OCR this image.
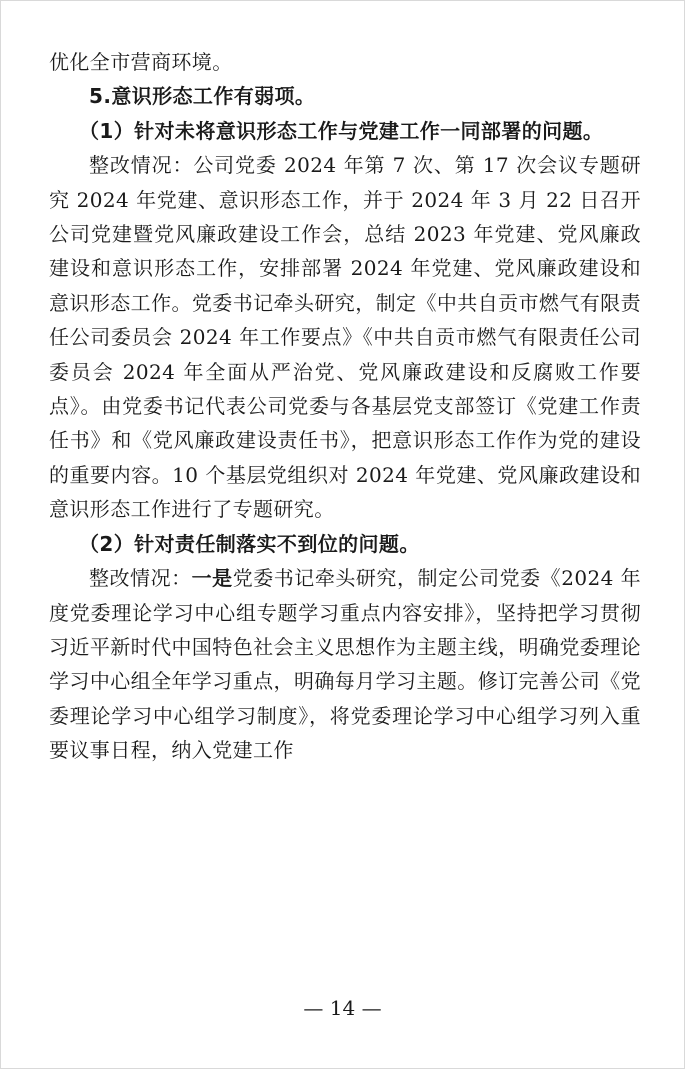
优化全市营商环境。

5.意识形态工作有弱项。

（1）针对未将意识形态工作与党建工作一同部署的问题。

整改情况：公司党委 2024 年第 7 次、第 17 次会议专题研究 2024 年党建、意识形态工作，并于 2024 年 3 月 22 日召开公司党建暨党风廉政建设工作会，总结 2023 年党建、党风廉政建设和意识形态工作，安排部署 2024 年党建、党风廉政建设和意识形态工作。党委书记牵头研究，制定《中共自贡市燃气有限责任公司委员会 2024 年工作要点》《中共自贡市燃气有限责任公司委员会 2024 年全面从严治党、党风廉政建设和反腐败工作要点》。由党委书记代表公司党委与各基层党支部签订《党建工作责任书》和《党风廉政建设责任书》，把意识形态工作作为党的建设的重要内容。10 个基层党组织对 2024 年党建、党风廉政建设和意识形态工作进行了专题研究。

（2）针对责任制落实不到位的问题。

整改情况：一是党委书记牵头研究，制定公司党委《2024 年度党委理论学习中心组专题学习重点内容安排》，坚持把学习贯彻习近平新时代中国特色社会主义思想作为主题主线，明确党委理论学习中心组全年学习重点，明确每月学习主题。修订完善公司《党委理论学习中心组学习制度》，将党委理论学习中心组学习列入重要议事日程，纳入党建工作

— 14 —
